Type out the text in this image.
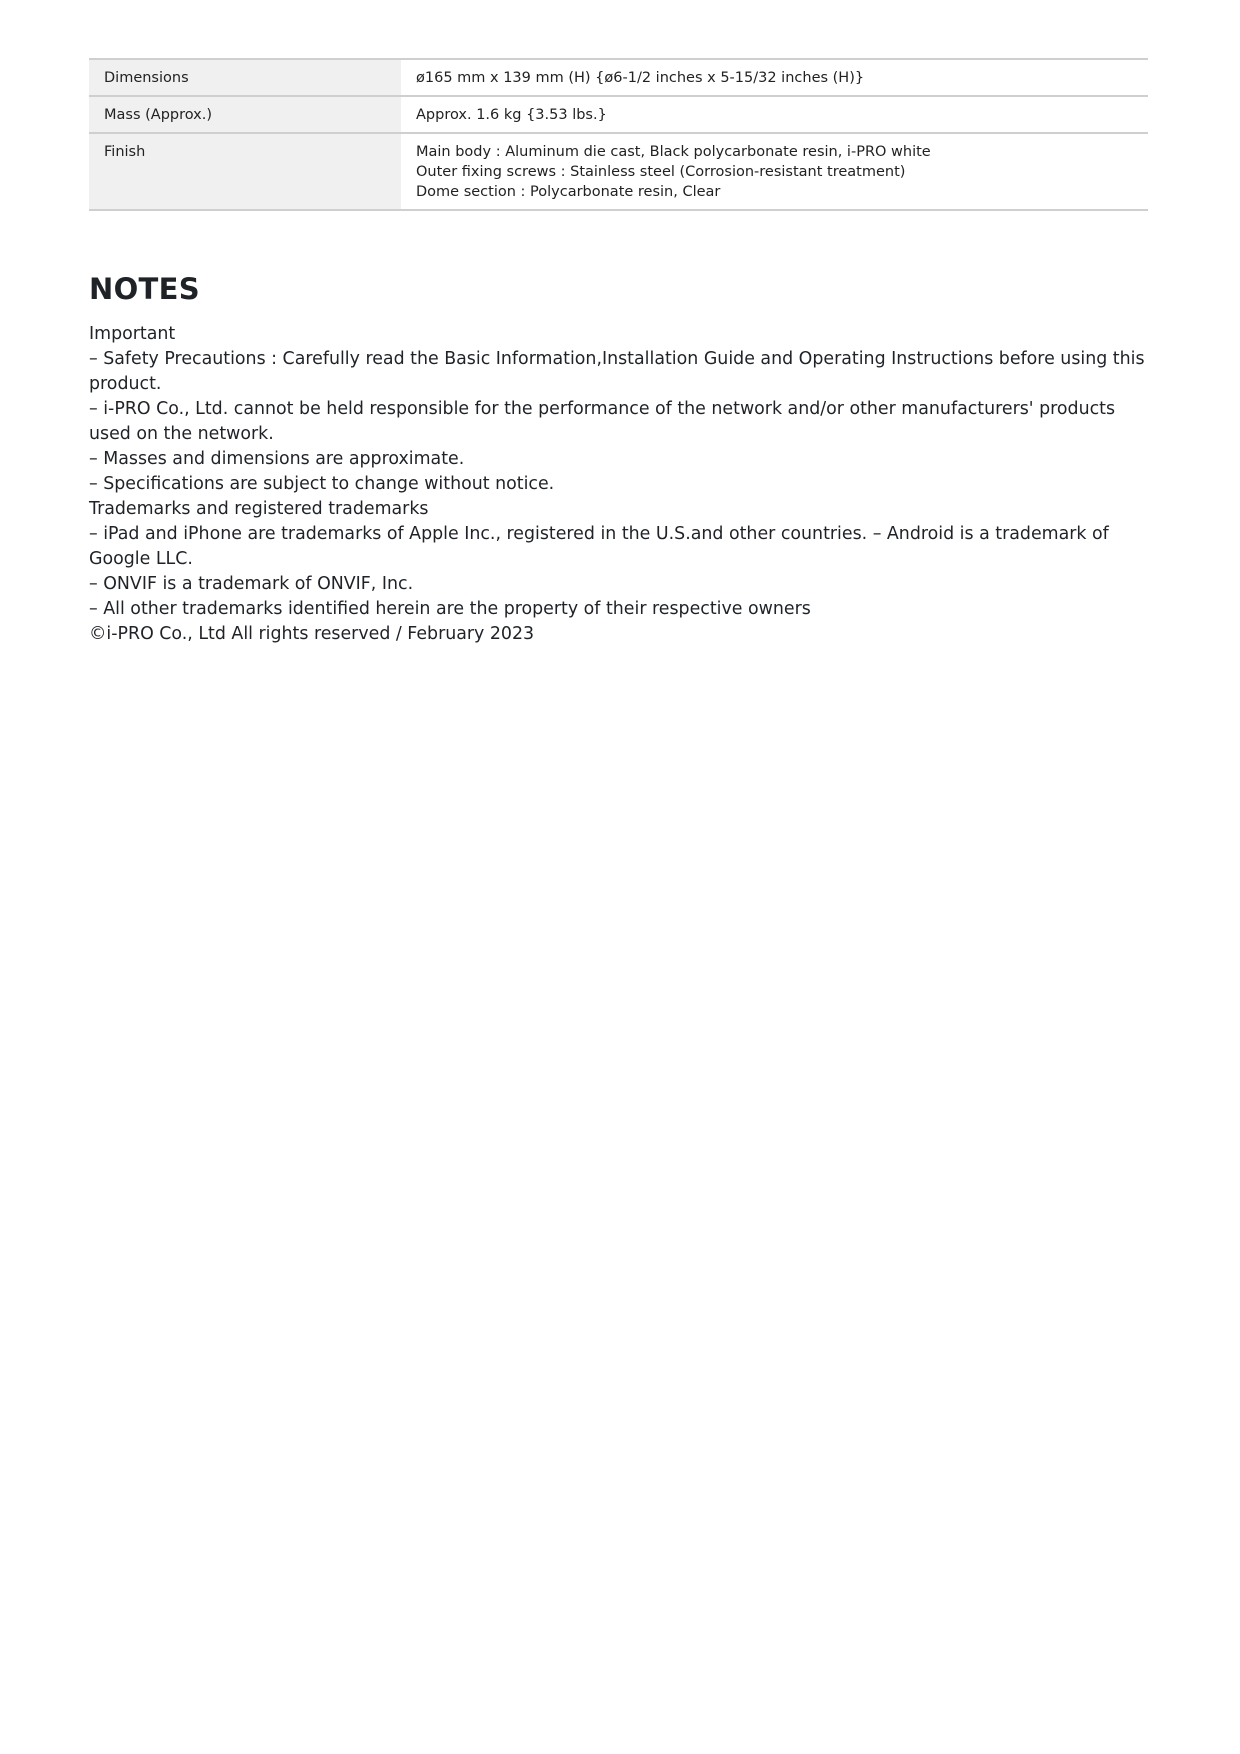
Dimensions	ø165 mm x 139 mm (H) {ø6-1/2 inches x 5-15/32 inches (H)}

Mass (Approx.)	Approx. 1.6 kg {3.53 lbs.}

Finish	Main body : Aluminum die cast, Black polycarbonate resin, i-PRO white
Outer fixing screws : Stainless steel (Corrosion-resistant treatment)
Dome section : Polycarbonate resin, Clear
NOTES

Important

– Safety Precautions : Carefully read the Basic Information,Installation Guide and Operating Instructions before using this product.

– i-PRO Co., Ltd. cannot be held responsible for the performance of the network and/or other manufacturers' products used on the network.

– Masses and dimensions are approximate.

– Specifications are subject to change without notice.

Trademarks and registered trademarks

– iPad and iPhone are trademarks of Apple Inc., registered in the U.S.and other countries. – Android is a trademark of Google LLC.

– ONVIF is a trademark of ONVIF, Inc.

– All other trademarks identified herein are the property of their respective owners

©i-PRO Co., Ltd All rights reserved / February 2023
